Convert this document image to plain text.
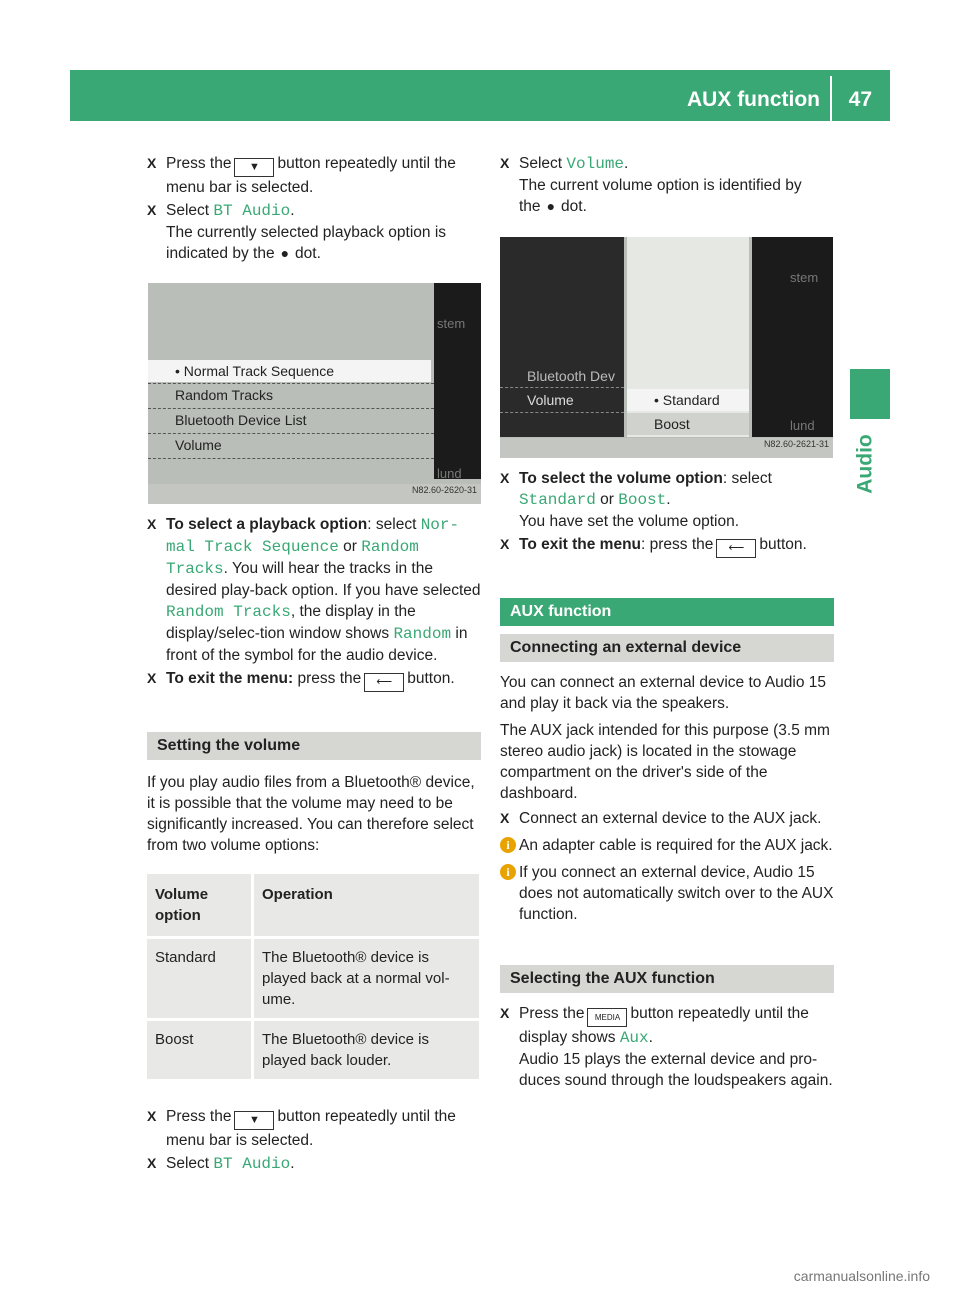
AUX function 47
Audio
X Press the ▼ button repeatedly until the menu bar is selected.
X Select BT Audio.
The currently selected playback option is indicated by the ● dot.
stem
lund
• Normal Track Sequence
Random Tracks
Bluetooth Device List
Volume
N82.60-2620-31
X To select a playback option: select Nor-mal Track Sequence or Random Tracks. You will hear the tracks in the desired play-back option. If you have selected Random Tracks, the display in the display/selec-tion window shows Random in front of the symbol for the audio device.
X To exit the menu: press the ⟵ button.
Setting the volume

If you play audio files from a Bluetooth® device, it is possible that the volume may need to be significantly increased. You can therefore select from two volume options:

Volume option	Operation
Standard	The Bluetooth® device is played back at a normal vol-ume.
Boost	The Bluetooth® device is played back louder.
X Press the ▼ button repeatedly until the menu bar is selected.
X Select BT Audio.
X Select Volume.
The current volume option is identified by the ● dot.
stem
lund
Bluetooth Dev
Volume	• Standard
Boost
N82.60-2621-31
X To select the volume option: select
Standard or Boost.
You have set the volume option.
X To exit the menu: press the ⟵ button.
AUX function
Connecting an external device

You can connect an external device to Audio 15 and play it back via the speakers.

The AUX jack intended for this purpose (3.5 mm stereo audio jack) is located in the stowage compartment on the driver's side of the dashboard.

X Connect an external device to the AUX jack.
i An adapter cable is required for the AUX jack.
i If you connect an external device, Audio 15 does not automatically switch over to the AUX function.
Selecting the AUX function
X Press the MEDIA button repeatedly until the display shows Aux.
Audio 15 plays the external device and pro-duces sound through the loudspeakers again.
carmanualsonline.info
